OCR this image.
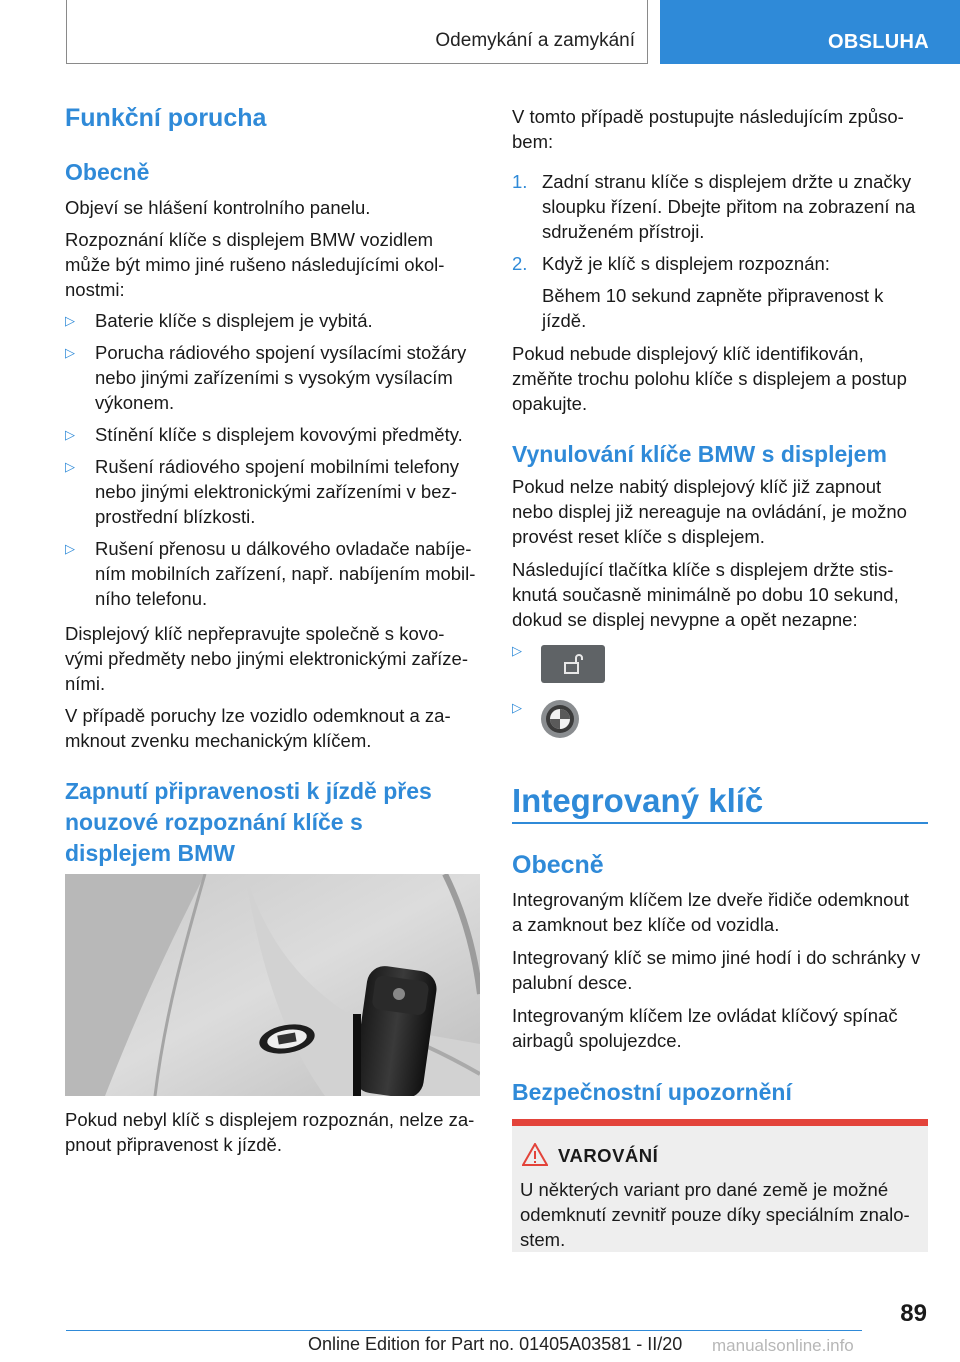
Odemykání a zamykání	OBSLUHA
Funkční porucha
Obecně
Objeví se hlášení kontrolního panelu.
Rozpoznání klíče s displejem BMW vozidlem
může být mimo jiné rušeno následujícími okol‐
nostmi:
▷ Baterie klíče s displejem je vybitá.
▷ Porucha rádiového spojení vysílacími stožáry
nebo jinými zařízeními s vysokým vysílacím
výkonem.
▷ Stínění klíče s displejem kovovými předměty.
▷ Rušení rádiového spojení mobilními telefony
nebo jinými elektronickými zařízeními v bez‐
prostřední blízkosti.
▷ Rušení přenosu u dálkového ovladače nabíje‐
ním mobilních zařízení, např. nabíjením mobil‐
ního telefonu.
Displejový klíč nepřepravujte společně s kovo‐
vými předměty nebo jinými elektronickými zaříze‐
ními.
V případě poruchy lze vozidlo odemknout a za‐
mknout zvenku mechanickým klíčem.
Zapnutí připravenosti k jízdě přes
nouzové rozpoznání klíče s
displejem BMW
Pokud nebyl klíč s displejem rozpoznán, nelze za‐
pnout připravenost k jízdě.
V tomto případě postupujte následujícím způso‐
bem:
1. Zadní stranu klíče s displejem držte u značky
sloupku řízení. Dbejte přitom na zobrazení na
sdruženém přístroji.
2. Když je klíč s displejem rozpoznán:
Během 10 sekund zapněte připravenost k
jízdě.
Pokud nebude displejový klíč identifikován,
změňte trochu polohu klíče s displejem a postup
opakujte.
Vynulování klíče BMW s displejem
Pokud nelze nabitý displejový klíč již zapnout
nebo displej již nereaguje na ovládání, je možno
provést reset klíče s displejem.
Následující tlačítka klíče s displejem držte stis‐
knutá současně minimálně po dobu 10 sekund,
dokud se displej nevypne a opět nezapne:
▷
▷
Integrovaný klíč
Obecně
Integrovaným klíčem lze dveře řidiče odemknout
a zamknout bez klíče od vozidla.
Integrovaný klíč se mimo jiné hodí i do schránky v
palubní desce.
Integrovaným klíčem lze ovládat klíčový spínač
airbagů spolujezdce.
Bezpečnostní upozornění
VAROVÁNÍ
U některých variant pro dané země je možné
odemknutí zevnitř pouze díky speciálním znalo‐
stem.
89
Online Edition for Part no. 01405A03581 - II/20 manualsonline.info
